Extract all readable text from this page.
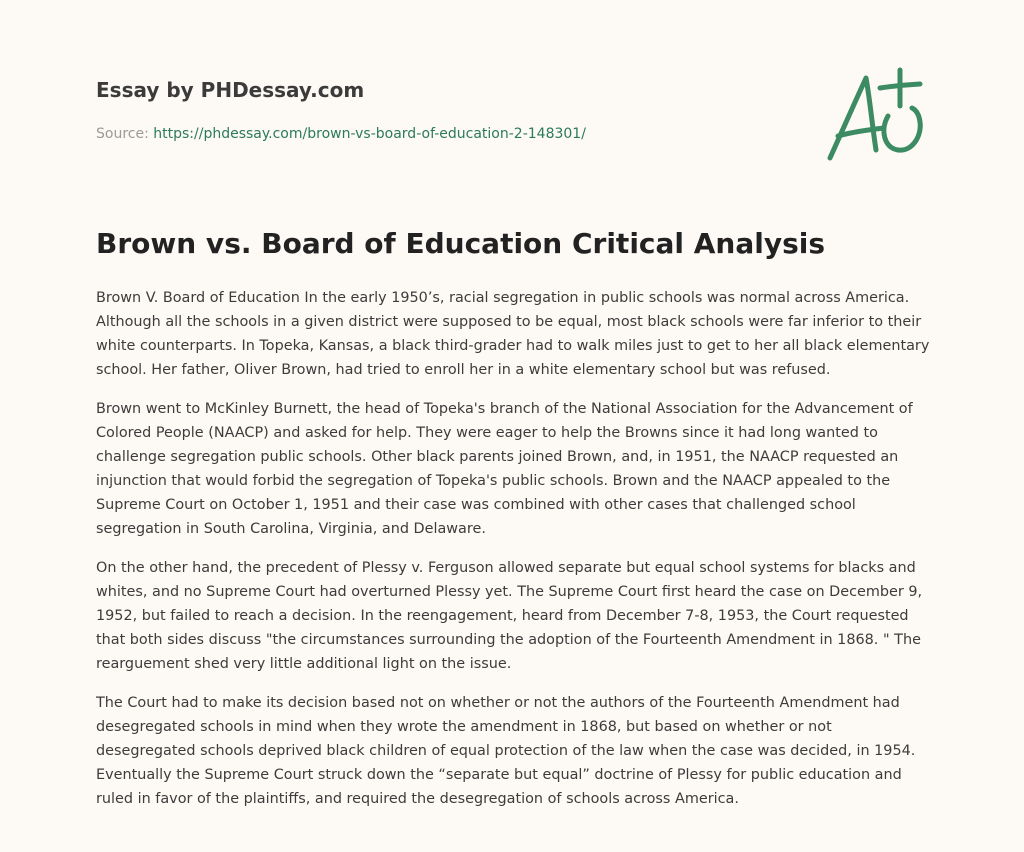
Essay by PHDessay.com
Source: https://phdessay.com/brown-vs-board-of-education-2-148301/
Brown vs. Board of Education Critical Analysis

Brown V. Board of Education In the early 1950’s, racial segregation in public schools was normal across America. Although all the schools in a given district were supposed to be equal, most black schools were far inferior to their white counterparts. In Topeka, Kansas, a black third-grader had to walk miles just to get to her all black elementary school. Her father, Oliver Brown, had tried to enroll her in a white elementary school but was refused.

Brown went to McKinley Burnett, the head of Topeka's branch of the National Association for the Advancement of Colored People (NAACP) and asked for help. They were eager to help the Browns since it had long wanted to challenge segregation public schools. Other black parents joined Brown, and, in 1951, the NAACP requested an injunction that would forbid the segregation of Topeka's public schools. Brown and the NAACP appealed to the Supreme Court on October 1, 1951 and their case was combined with other cases that challenged school segregation in South Carolina, Virginia, and Delaware.

On the other hand, the precedent of Plessy v. Ferguson allowed separate but equal school systems for blacks and whites, and no Supreme Court had overturned Plessy yet. The Supreme Court first heard the case on December 9, 1952, but failed to reach a decision. In the reengagement, heard from December 7-8, 1953, the Court requested that both sides discuss "the circumstances surrounding the adoption of the Fourteenth Amendment in 1868. " The rearguement shed very little additional light on the issue.

The Court had to make its decision based not on whether or not the authors of the Fourteenth Amendment had desegregated schools in mind when they wrote the amendment in 1868, but based on whether or not desegregated schools deprived black children of equal protection of the law when the case was decided, in 1954. Eventually the Supreme Court struck down the “separate but equal” doctrine of Plessy for public education and ruled in favor of the plaintiffs, and required the desegregation of schools across America.
